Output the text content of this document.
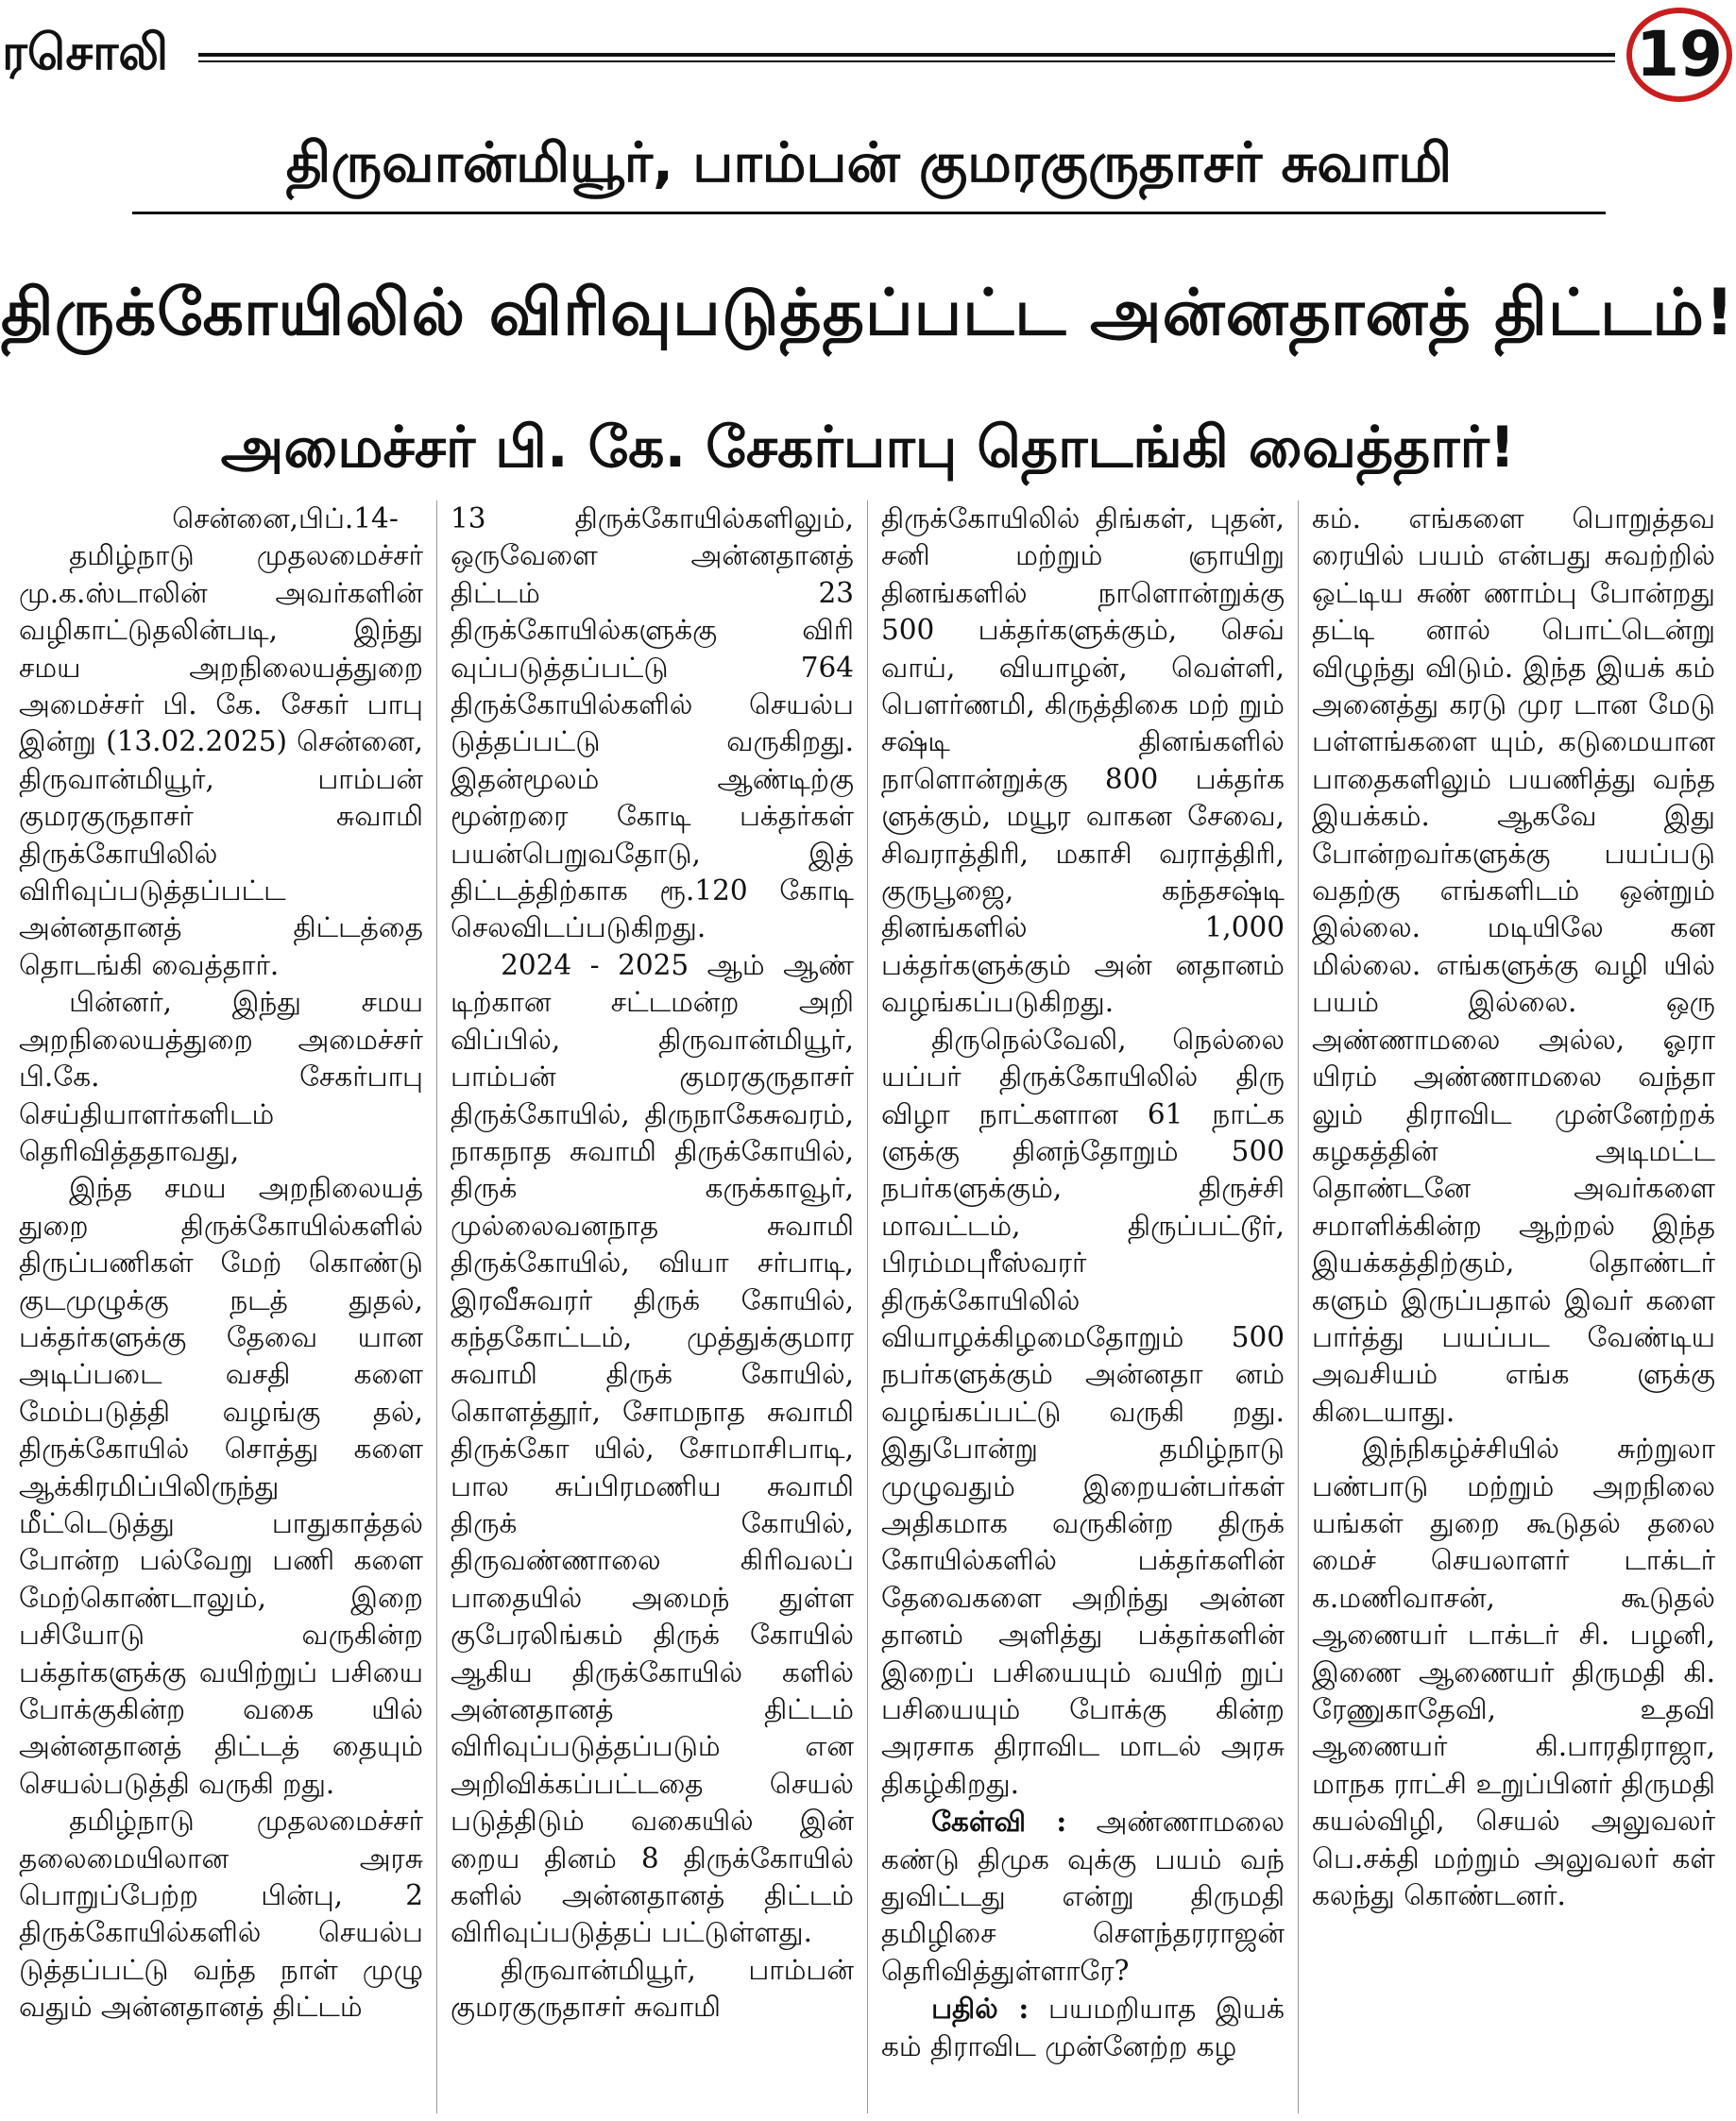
ரசொலி	19
திருவான்மியூர், பாம்பன் குமரகுருதாசர் சுவாமி
திருக்கோயிலில் விரிவுபடுத்தப்பட்ட அன்னதானத் திட்டம்!
அமைச்சர் பி. கே. சேகர்பாபு தொடங்கி வைத்தார்!

சென்னை,பிப்.14-

தமிழ்நாடு முதலமைச்சர் மு.க.ஸ்டாலின் அவர்களின் வழிகாட்டுதலின்படி, இந்து சமய அறநிலையத்துறை அமைச்சர் பி. கே. சேகர் பாபு இன்று (13.02.2025) சென்னை, திருவான்மியூர், பாம்பன் குமரகுருதாசர் சுவாமி திருக்கோயிலில் விரிவுப்படுத்தப்பட்ட அன்னதானத் திட்டத்தை தொடங்கி வைத்தார்.

பின்னர், இந்து சமய அறநிலையத்துறை அமைச்சர் பி.கே. சேகர்பாபு செய்தியாளர்களிடம் தெரிவித்ததாவது,

இந்த சமய அறநிலையத் துறை திருக்கோயில்களில் திருப்பணிகள் மேற் கொண்டு குடமுழுக்கு நடத் துதல், பக்தர்களுக்கு தேவை யான அடிப்படை வசதி களை மேம்படுத்தி வழங்கு தல், திருக்கோயில் சொத்து களை ஆக்கிரமிப்பிலிருந்து மீட்டெடுத்து பாதுகாத்தல் போன்ற பல்வேறு பணி களை மேற்கொண்டாலும், இறை பசியோடு வருகின்ற பக்தர்களுக்கு வயிற்றுப் பசியை போக்குகின்ற வகை யில் அன்னதானத் திட்டத் தையும் செயல்படுத்தி வருகி றது.

தமிழ்நாடு முதலமைச்சர் தலைமையிலான அரசு பொறுப்பேற்ற பின்பு, 2 திருக்கோயில்களில் செயல்ப டுத்தப்பட்டு வந்த நாள் முழு வதும் அன்னதானத் திட்டம்

13 திருக்கோயில்களிலும், ஒருவேளை அன்னதானத் திட்டம் 23 திருக்கோயில்களுக்கு விரி வுப்படுத்தப்பட்டு 764 திருக்கோயில்களில் செயல்ப டுத்தப்பட்டு வருகிறது. இதன்மூலம் ஆண்டிற்கு மூன்றரை கோடி பக்தர்கள் பயன்பெறுவதோடு, இத் திட்டத்திற்காக ரூ.120 கோடி செலவிடப்படுகிறது.

2024 - 2025 ஆம் ஆண் டிற்கான சட்டமன்ற அறி விப்பில், திருவான்மியூர், பாம்பன் குமரகுருதாசர் திருக்கோயில், திருநாகேசுவரம், நாகநாத சுவாமி திருக்கோயில், திருக் கருக்காவூர், முல்லைவனநாத சுவாமி திருக்கோயில், வியா சர்பாடி, இரவீசுவரர் திருக் கோயில், கந்தகோட்டம், முத்துக்குமார சுவாமி திருக் கோயில், கொளத்தூர், சோமநாத சுவாமி திருக்கோ யில், சோமாசிபாடி, பால சுப்பிரமணிய சுவாமி திருக் கோயில், திருவண்ணாலை கிரிவலப் பாதையில் அமைந் துள்ள குபேரலிங்கம் திருக் கோயில் ஆகிய திருக்கோயில் களில் அன்னதானத் திட்டம் விரிவுப்படுத்தப்படும் என அறிவிக்கப்பட்டதை செயல் படுத்திடும் வகையில் இன் றைய தினம் 8 திருக்கோயில் களில் அன்னதானத் திட்டம் விரிவுப்படுத்தப் பட்டுள்ளது.

திருவான்மியூர், பாம்பன் குமரகுருதாசர் சுவாமி

திருக்கோயிலில் திங்கள், புதன், சனி மற்றும் ஞாயிறு தினங்களில் நாளொன்றுக்கு 500 பக்தர்களுக்கும், செவ் வாய், வியாழன், வெள்ளி, பௌர்ணமி, கிருத்திகை மற் றும் சஷ்டி தினங்களில் நாளொன்றுக்கு 800 பக்தர்க ளுக்கும், மயூர வாகன சேவை, சிவராத்திரி, மகாசி வராத்திரி, குருபூஜை, கந்தசஷ்டி தினங்களில் 1,000 பக்தர்களுக்கும் அன் னதானம் வழங்கப்படுகிறது.

திருநெல்வேலி, நெல்லை யப்பர் திருக்கோயிலில் திரு விழா நாட்களான 61 நாட்க ளுக்கு தினந்தோறும் 500 நபர்களுக்கும், திருச்சி மாவட்டம், திருப்பட்டூர், பிரம்மபுரீஸ்வரர் திருக்கோயிலில் வியாழக்கிழமைதோறும் 500 நபர்களுக்கும் அன்னதா னம் வழங்கப்பட்டு வருகி றது. இதுபோன்று தமிழ்நாடு முழுவதும் இறையன்பர்கள் அதிகமாக வருகின்ற திருக் கோயில்களில் பக்தர்களின் தேவைகளை அறிந்து அன்ன தானம் அளித்து பக்தர்களின் இறைப் பசியையும் வயிற் றுப் பசியையும் போக்கு கின்ற அரசாக திராவிட மாடல் அரசு திகழ்கிறது.

கேள்வி : அண்ணாமலை கண்டு திமுக வுக்கு பயம் வந் துவிட்டது என்று திருமதி தமிழிசை சௌந்தரராஜன் தெரிவித்துள்ளாரே?

பதில் : பயமறியாத இயக் கம் திராவிட முன்னேற்ற கழ

கம். எங்களை பொறுத்தவ ரையில் பயம் என்பது சுவற்றில் ஒட்டிய சுண் ணாம்பு போன்றது தட்டி னால் பொட்டென்று விழுந்து விடும். இந்த இயக் கம் அனைத்து கரடு முர டான மேடு பள்ளங்களை யும், கடுமையான பாதைகளிலும் பயணித்து வந்த இயக்கம். ஆகவே இது போன்றவர்களுக்கு பயப்படு வதற்கு எங்களிடம் ஒன்றும் இல்லை. மடியிலே கன மில்லை. எங்களுக்கு வழி யில் பயம் இல்லை. ஒரு அண்ணாமலை அல்ல, ஓரா யிரம் அண்ணாமலை வந்தா லும் திராவிட முன்னேற்றக் கழகத்தின் அடிமட்ட தொண்டனே அவர்களை சமாளிக்கின்ற ஆற்றல் இந்த இயக்கத்திற்கும், தொண்டர் களும் இருப்பதால் இவர் களை பார்த்து பயப்பட வேண்டிய அவசியம் எங்க ளுக்கு கிடையாது.

இந்நிகழ்ச்சியில் சுற்றுலா பண்பாடு மற்றும் அறநிலை யங்கள் துறை கூடுதல் தலை மைச் செயலாளர் டாக்டர் க.மணிவாசன், கூடுதல் ஆணையர் டாக்டர் சி. பழனி, இணை ஆணையர் திருமதி கி. ரேணுகாதேவி, உதவி ஆணையர் கி.பாரதிராஜா, மாநக ராட்சி உறுப்பினர் திருமதி கயல்விழி, செயல் அலுவலர் பெ.சக்தி மற்றும் அலுவலர் கள் கலந்து கொண்டனர்.
